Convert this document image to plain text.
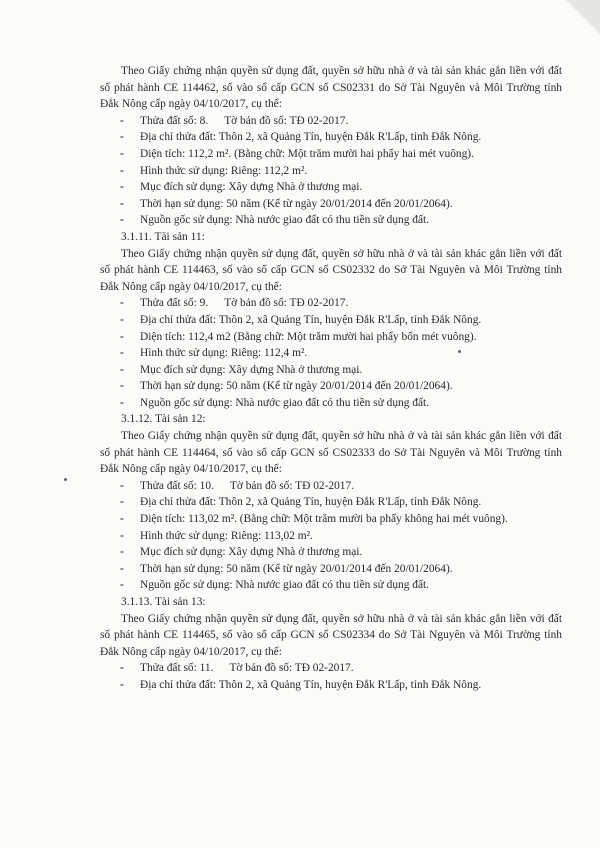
Theo Giấy chứng nhận quyền sử dụng đất, quyền sở hữu nhà ở và tài sản khác gắn liền với đất số phát hành CE 114462, số vào sổ cấp GCN số CS02331 do Sở Tài Nguyên và Môi Trường tỉnh Đắk Nông cấp ngày 04/10/2017, cụ thể:

- Thửa đất số: 8. Tờ bản đồ số: TĐ 02-2017.
- Địa chỉ thửa đất: Thôn 2, xã Quảng Tín, huyện Đắk R'Lấp, tỉnh Đắk Nông.
- Diện tích: 112,2 m². (Bằng chữ: Một trăm mười hai phẩy hai mét vuông).
- Hình thức sử dụng: Riêng: 112,2 m².
- Mục đích sử dụng: Xây dựng Nhà ở thương mại.
- Thời hạn sử dụng: 50 năm (Kể từ ngày 20/01/2014 đến 20/01/2064).
- Nguồn gốc sử dụng: Nhà nước giao đất có thu tiền sử dụng đất.

3.1.11. Tài sản 11:

Theo Giấy chứng nhận quyền sử dụng đất, quyền sở hữu nhà ở và tài sản khác gắn liền với đất số phát hành CE 114463, số vào sổ cấp GCN số CS02332 do Sở Tài Nguyên và Môi Trường tỉnh Đắk Nông cấp ngày 04/10/2017, cụ thể:

- Thửa đất số: 9. Tờ bản đồ số: TĐ 02-2017.
- Địa chỉ thửa đất: Thôn 2, xã Quảng Tín, huyện Đắk R'Lấp, tỉnh Đắk Nông.
- Diện tích: 112,4 m2 (Bằng chữ: Một trăm mười hai phẩy bốn mét vuông).
- Hình thức sử dụng: Riêng: 112,4 m².
- Mục đích sử dụng: Xây dựng Nhà ở thương mại.
- Thời hạn sử dụng: 50 năm (Kể từ ngày 20/01/2014 đến 20/01/2064).
- Nguồn gốc sử dụng: Nhà nước giao đất có thu tiền sử dụng đất.

3.1.12. Tài sản 12:

Theo Giấy chứng nhận quyền sử dụng đất, quyền sở hữu nhà ở và tài sản khác gắn liền với đất số phát hành CE 114464, số vào sổ cấp GCN số CS02333 do Sở Tài Nguyên và Môi Trường tỉnh Đắk Nông cấp ngày 04/10/2017, cụ thể:

- Thửa đất số: 10. Tờ bản đồ số: TĐ 02-2017.
- Địa chỉ thửa đất: Thôn 2, xã Quảng Tín, huyện Đắk R'Lấp, tỉnh Đắk Nông.
- Diện tích: 113,02 m². (Bằng chữ: Một trăm mười ba phẩy không hai mét vuông).
- Hình thức sử dụng: Riêng: 113,02 m².
- Mục đích sử dụng: Xây dựng Nhà ở thương mại.
- Thời hạn sử dụng: 50 năm (Kể từ ngày 20/01/2014 đến 20/01/2064).
- Nguồn gốc sử dụng: Nhà nước giao đất có thu tiền sử dụng đất.

3.1.13. Tài sản 13:

Theo Giấy chứng nhận quyền sử dụng đất, quyền sở hữu nhà ở và tài sản khác gắn liền với đất số phát hành CE 114465, số vào sổ cấp GCN số CS02334 do Sở Tài Nguyên và Môi Trường tỉnh Đắk Nông cấp ngày 04/10/2017, cụ thể:

- Thửa đất số: 11. Tờ bản đồ số: TĐ 02-2017.
- Địa chỉ thửa đất: Thôn 2, xã Quảng Tín, huyện Đắk R'Lấp, tỉnh Đắk Nông.
